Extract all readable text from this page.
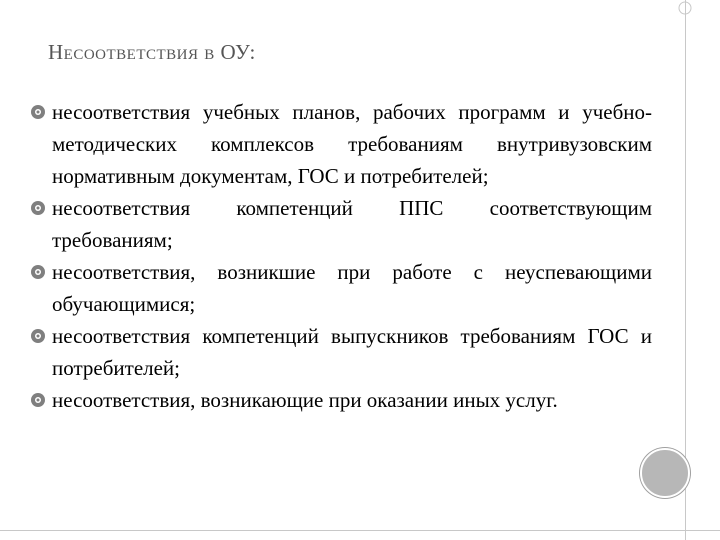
Несоответствия в ОУ:
несоответствия учебных планов, рабочих программ и учебно-методических комплексов требованиям внутривузовским нормативным документам, ГОС и потребителей;
несоответствия компетенций ППС соответствующим требованиям;
несоответствия, возникшие при работе с неуспевающими обучающимися;
несоответствия компетенций выпускников требованиям ГОС и потребителей;
несоответствия, возникающие при оказании иных услуг.
